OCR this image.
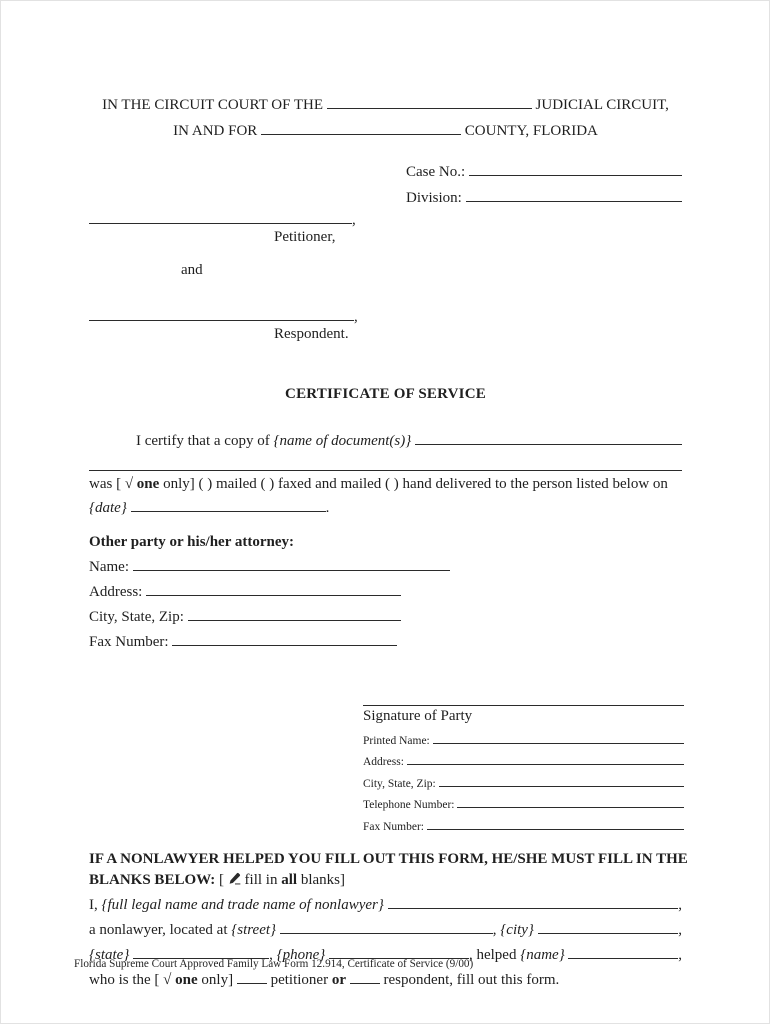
IN THE CIRCUIT COURT OF THE	JUDICIAL CIRCUIT,
IN AND FOR	COUNTY, FLORIDA
Case No.:
Division:
,
Petitioner,
and
,
Respondent.
CERTIFICATE OF SERVICE
I certify that a copy of {name of document(s)}
was [ √ one only] ( ) mailed ( ) faxed and mailed ( ) hand delivered to the person listed below on
{date}	.
Other party or his/her attorney:
Name:
Address:
City, State, Zip:
Fax Number:
Signature of Party
Printed Name:
Address:
City, State, Zip:
Telephone Number:
Fax Number:
IF A NONLAWYER HELPED YOU FILL OUT THIS FORM, HE/SHE MUST FILL IN THE
BLANKS BELOW: [  fill in all blanks]
I, {full legal name and trade name of nonlawyer}	,
a nonlawyer, located at {street}	, {city}	,
{state}	, {phone}	, helped {name}	,
who is the [ √ one only]  petitioner or  respondent, fill out this form.
Florida Supreme Court Approved Family Law Form 12.914, Certificate of Service (9/00)
